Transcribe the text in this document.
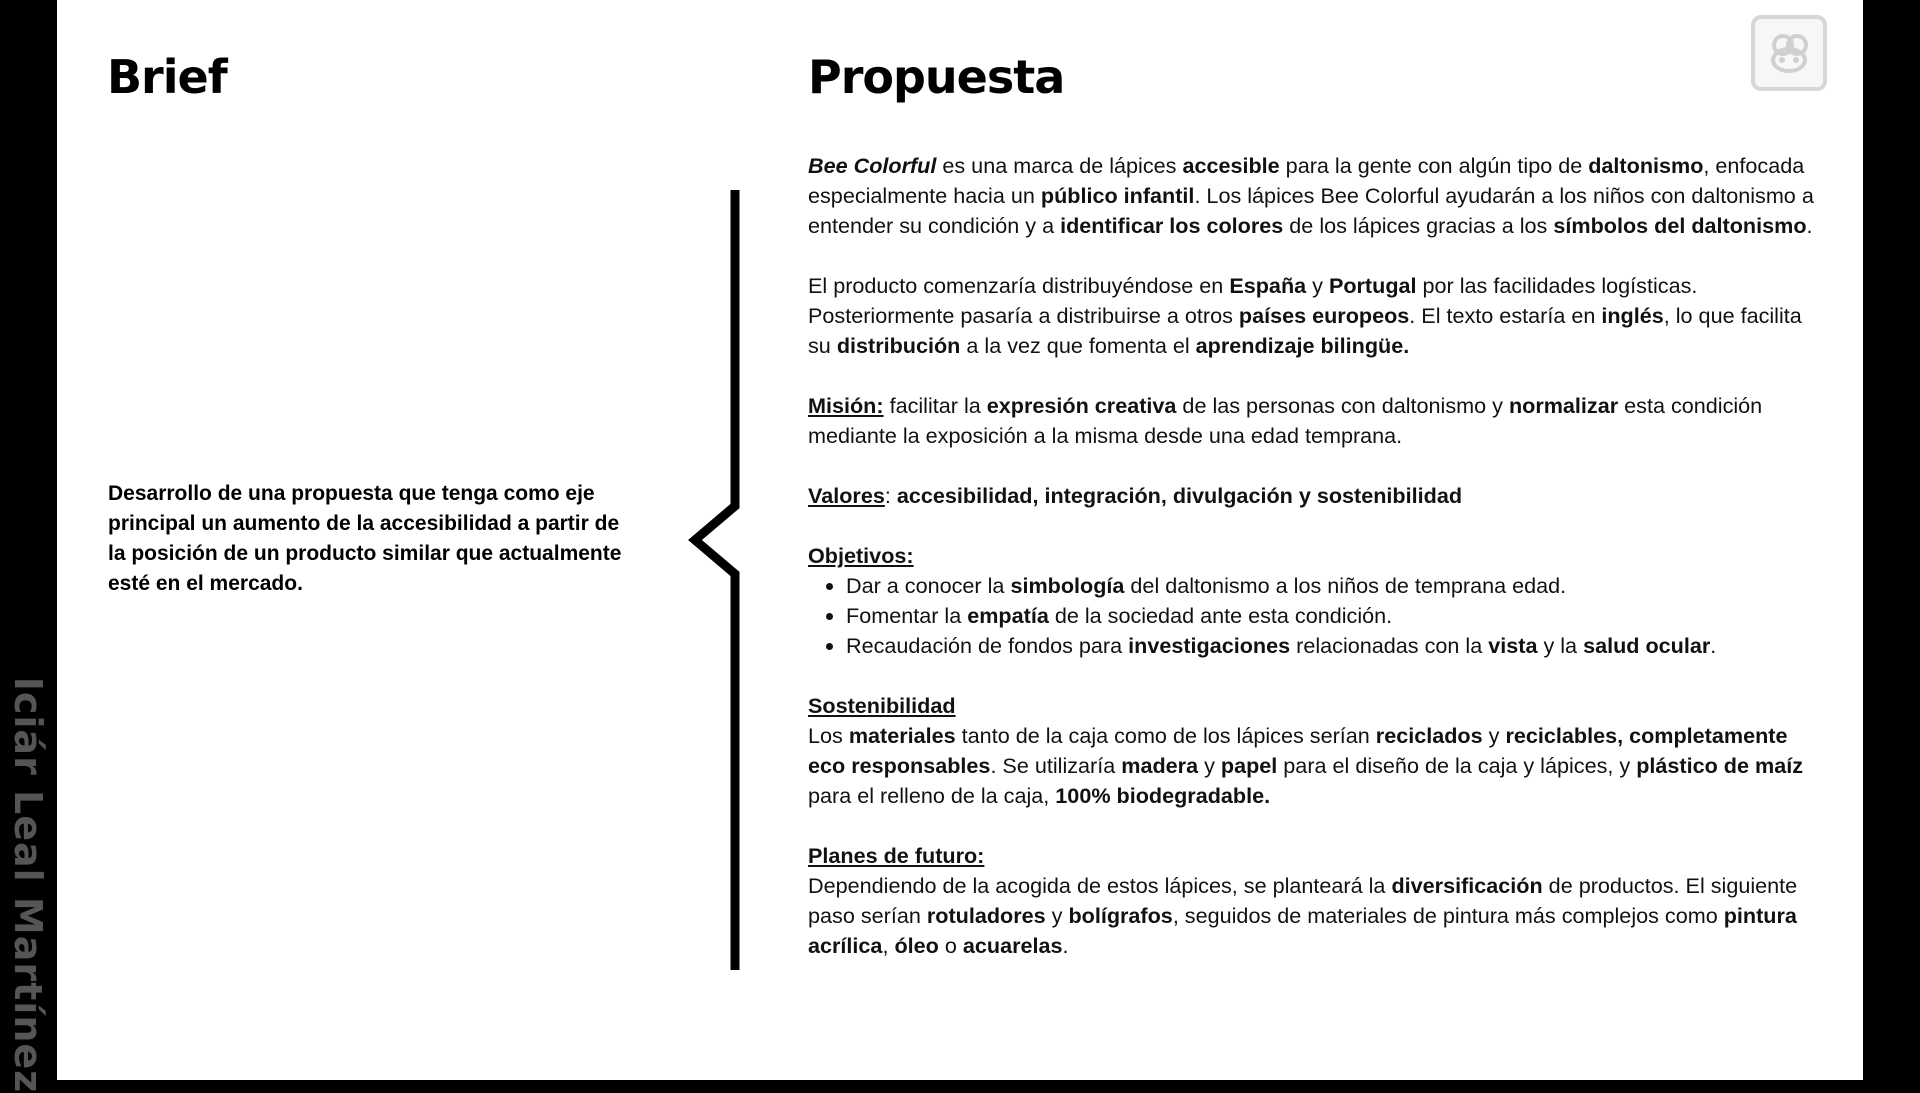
Brief
Desarrollo de una propuesta que tenga como eje principal un aumento de la accesibilidad a partir de la posición de un producto similar que actualmente esté en el mercado.
Propuesta

Bee Colorful es una marca de lápices accesible para la gente con algún tipo de daltonismo, enfocada especialmente hacia un público infantil. Los lápices Bee Colorful ayudarán a los niños con daltonismo a entender su condición y a identificar los colores de los lápices gracias a los símbolos del daltonismo.

El producto comenzaría distribuyéndose en España y Portugal por las facilidades logísticas. Posteriormente pasaría a distribuirse a otros países europeos. El texto estaría en inglés, lo que facilita su distribución a la vez que fomenta el aprendizaje bilingüe.

Misión: facilitar la expresión creativa de las personas con daltonismo y normalizar esta condición mediante la exposición a la misma desde una edad temprana.

Valores: accesibilidad, integración, divulgación y sostenibilidad

Objetivos:
• Dar a conocer la simbología del daltonismo a los niños de temprana edad.
• Fomentar la empatía de la sociedad ante esta condición.
• Recaudación de fondos para investigaciones relacionadas con la vista y la salud ocular.

Sostenibilidad
Los materiales tanto de la caja como de los lápices serían reciclados y reciclables, completamente eco responsables. Se utilizaría madera y papel para el diseño de la caja y lápices, y plástico de maíz para el relleno de la caja, 100% biodegradable.

Planes de futuro:
Dependiendo de la acogida de estos lápices, se planteará la diversificación de productos. El siguiente paso serían rotuladores y bolígrafos, seguidos de materiales de pintura más complejos como pintura acrílica, óleo o acuarelas.

Iciár Leal Martínez
